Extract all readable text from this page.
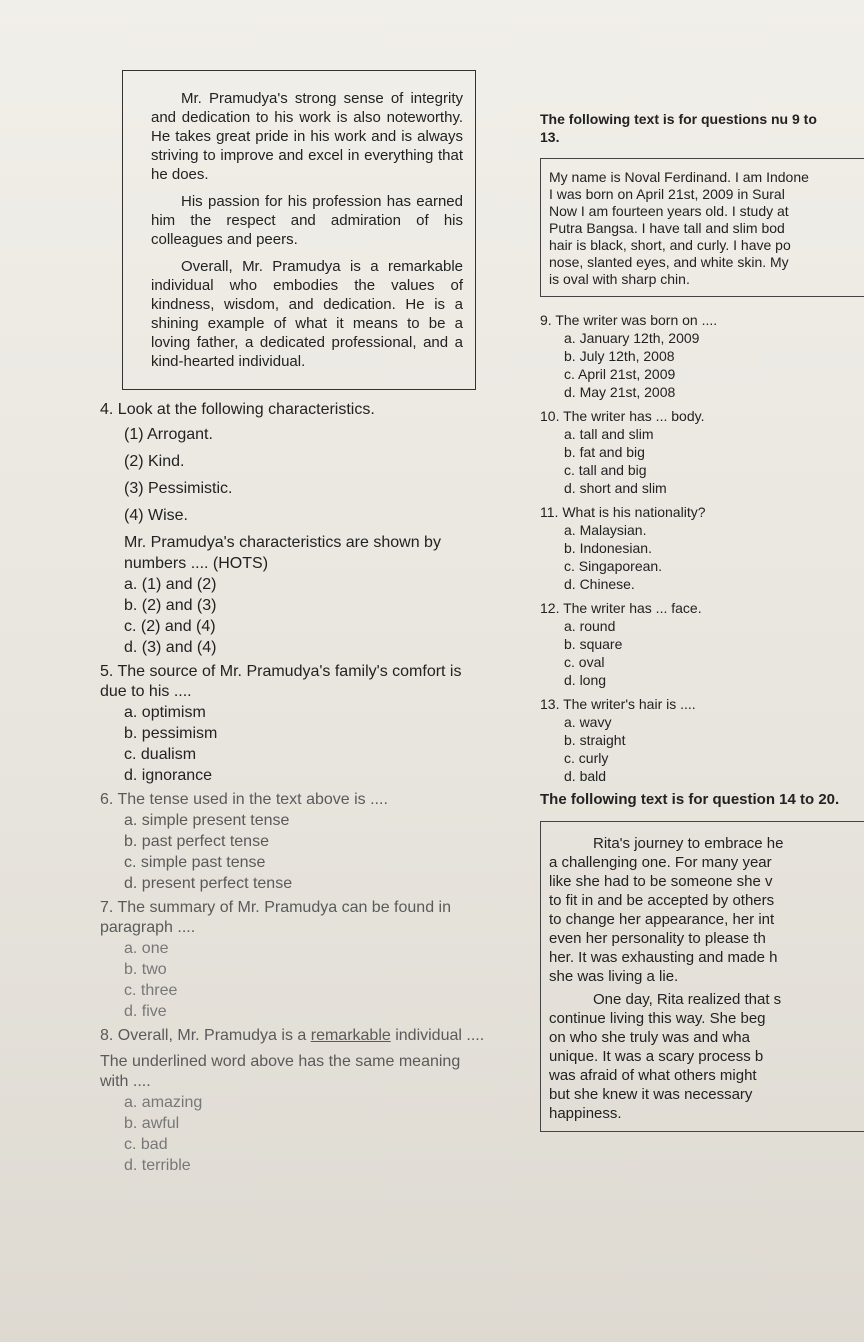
Mr. Pramudya's strong sense of integrity and dedication to his work is also noteworthy. He takes great pride in his work and is always striving to improve and excel in everything that he does.

His passion for his profession has earned him the respect and admiration of his colleagues and peers.

Overall, Mr. Pramudya is a remarkable individual who embodies the values of kindness, wisdom, and dedication. He is a shining example of what it means to be a loving father, a dedicated professional, and a kind-hearted individual.

4. Look at the following characteristics.

(1) Arrogant.
(2) Kind.
(3) Pessimistic.
(4) Wise.
Mr. Pramudya's characteristics are shown by numbers .... (HOTS)
a. (1) and (2)
b. (2) and (3)
c. (2) and (4)
d. (3) and (4)

5. The source of Mr. Pramudya's family's comfort is due to his ....

a. optimism
b. pessimism
c. dualism
d. ignorance

6. The tense used in the text above is ....

a. simple present tense
b. past perfect tense
c. simple past tense
d. present perfect tense

7. The summary of Mr. Pramudya can be found in paragraph ....

a. one
b. two
c. three
d. five

8. Overall, Mr. Pramudya is a remarkable individual ....

The underlined word above has the same meaning with ....

a. amazing
b. awful
c. bad
d. terrible

The following text is for questions nu 9 to 13.

My name is Noval Ferdinand. I am Indone
I was born on April 21st, 2009 in Sural
Now I am fourteen years old. I study at
Putra Bangsa. I have tall and slim bod
hair is black, short, and curly. I have po
nose, slanted eyes, and white skin. My
is oval with sharp chin.

9. The writer was born on ....

a. January 12th, 2009
b. July 12th, 2008
c. April 21st, 2009
d. May 21st, 2008

10. The writer has ... body.

a. tall and slim
b. fat and big
c. tall and big
d. short and slim

11. What is his nationality?

a. Malaysian.
b. Indonesian.
c. Singaporean.
d. Chinese.

12. The writer has ... face.

a. round
b. square
c. oval
d. long

13. The writer's hair is ....

a. wavy
b. straight
c. curly
d. bald

The following text is for question 14 to 20.

Rita's journey to embrace he
a challenging one. For many year
like she had to be someone she v
to fit in and be accepted by others
to change her appearance, her int
even her personality to please th
her. It was exhausting and made h
she was living a lie.
One day, Rita realized that s
continue living this way. She beg
on who she truly was and wha
unique. It was a scary process b
was afraid of what others might
but she knew it was necessary
happiness.
